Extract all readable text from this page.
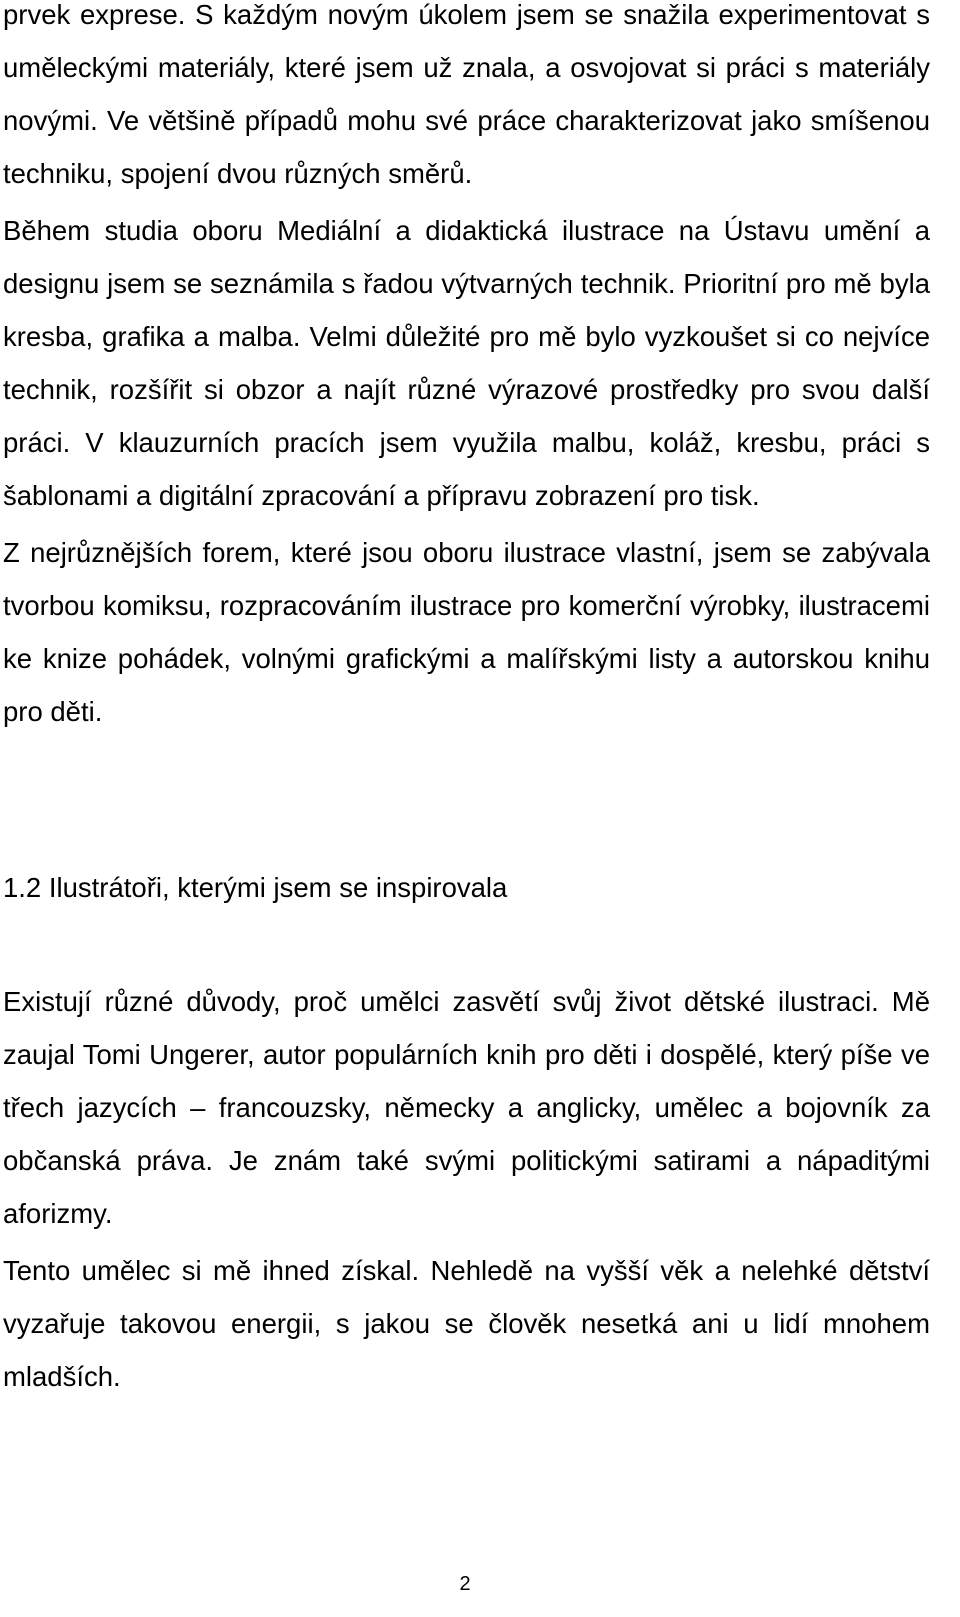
prvek exprese. S každým novým úkolem jsem se snažila experimentovat s uměleckými materiály, které jsem už znala, a osvojovat si práci s materiály novými. Ve většině případů mohu své práce charakterizovat jako smíšenou techniku, spojení dvou různých směrů.

Během studia oboru Mediální a didaktická ilustrace na Ústavu umění a designu jsem se seznámila s řadou výtvarných technik. Prioritní pro mě byla kresba, grafika a malba. Velmi důležité pro mě bylo vyzkoušet si co nejvíce technik, rozšířit si obzor a najít různé výrazové prostředky pro svou další práci. V klauzurních pracích jsem využila malbu, koláž, kresbu, práci s šablonami a digitální zpracování a přípravu zobrazení pro tisk.

Z nejrůznějších forem, které jsou oboru ilustrace vlastní, jsem se zabývala tvorbou komiksu, rozpracováním ilustrace pro komerční výrobky, ilustracemi ke knize pohádek, volnými grafickými a malířskými listy a autorskou knihu pro děti.

1.2 Ilustrátoři, kterými jsem se inspirovala

Existují různé důvody, proč umělci zasvětí svůj život dětské ilustraci. Mě zaujal Tomi Ungerer, autor populárních knih pro děti i dospělé, který píše ve třech jazycích – francouzsky, německy a anglicky, umělec a bojovník za občanská práva. Je znám také svými politickými satirami a nápaditými aforizmy.

Tento umělec si mě ihned získal. Nehledě na vyšší věk a nelehké dětství vyzařuje takovou energii, s jakou se člověk nesetká ani u lidí mnohem mladších.

2
